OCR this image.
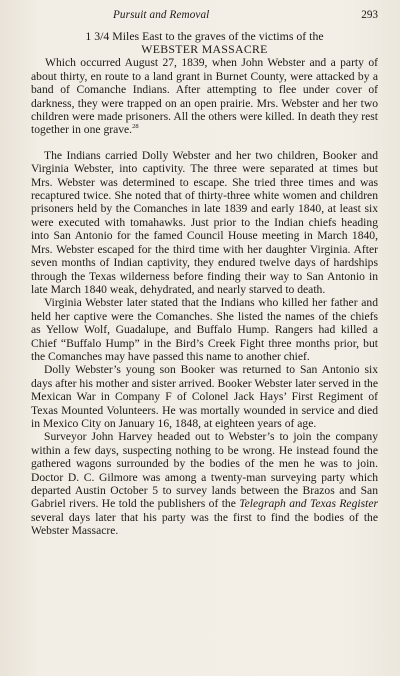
Pursuit and Removal	293
1 3/4 Miles East to the graves of the victims of the
WEBSTER MASSACRE

Which occurred August 27, 1839, when John Webster and a party of about thirty, en route to a land grant in Burnet County, were attacked by a band of Comanche Indians. After attempting to flee under cover of darkness, they were trapped on an open prairie. Mrs. Webster and her two children were made prisoners. All the others were killed. In death they rest together in one grave.$^{28}$

The Indians carried Dolly Webster and her two children, Booker and Virginia Webster, into captivity. The three were separated at times but Mrs. Webster was determined to escape. She tried three times and was recaptured twice. She noted that of thirty-three white women and children prisoners held by the Comanches in late 1839 and early 1840, at least six were executed with tomahawks. Just prior to the Indian chiefs heading into San Antonio for the famed Council House meeting in March 1840, Mrs. Webster escaped for the third time with her daughter Virginia. After seven months of Indian captivity, they endured twelve days of hardships through the Texas wilderness before finding their way to San Antonio in late March 1840 weak, dehydrated, and nearly starved to death.

Virginia Webster later stated that the Indians who killed her father and held her captive were the Comanches. She listed the names of the chiefs as Yellow Wolf, Guadalupe, and Buffalo Hump. Rangers had killed a Chief “Buffalo Hump” in the Bird’s Creek Fight three months prior, but the Comanches may have passed this name to another chief.

Dolly Webster’s young son Booker was returned to San Antonio six days after his mother and sister arrived. Booker Webster later served in the Mexican War in Company F of Colonel Jack Hays’ First Regiment of Texas Mounted Volunteers. He was mortally wounded in service and died in Mexico City on January 16, 1848, at eighteen years of age.

Surveyor John Harvey headed out to Webster’s to join the company within a few days, suspecting nothing to be wrong. He instead found the gathered wagons surrounded by the bodies of the men he was to join. Doctor D. C. Gilmore was among a twenty-man surveying party which departed Austin October 5 to survey lands between the Brazos and San Gabriel rivers. He told the publishers of the Telegraph and Texas Register several days later that his party was the first to find the bodies of the Webster Massacre.
